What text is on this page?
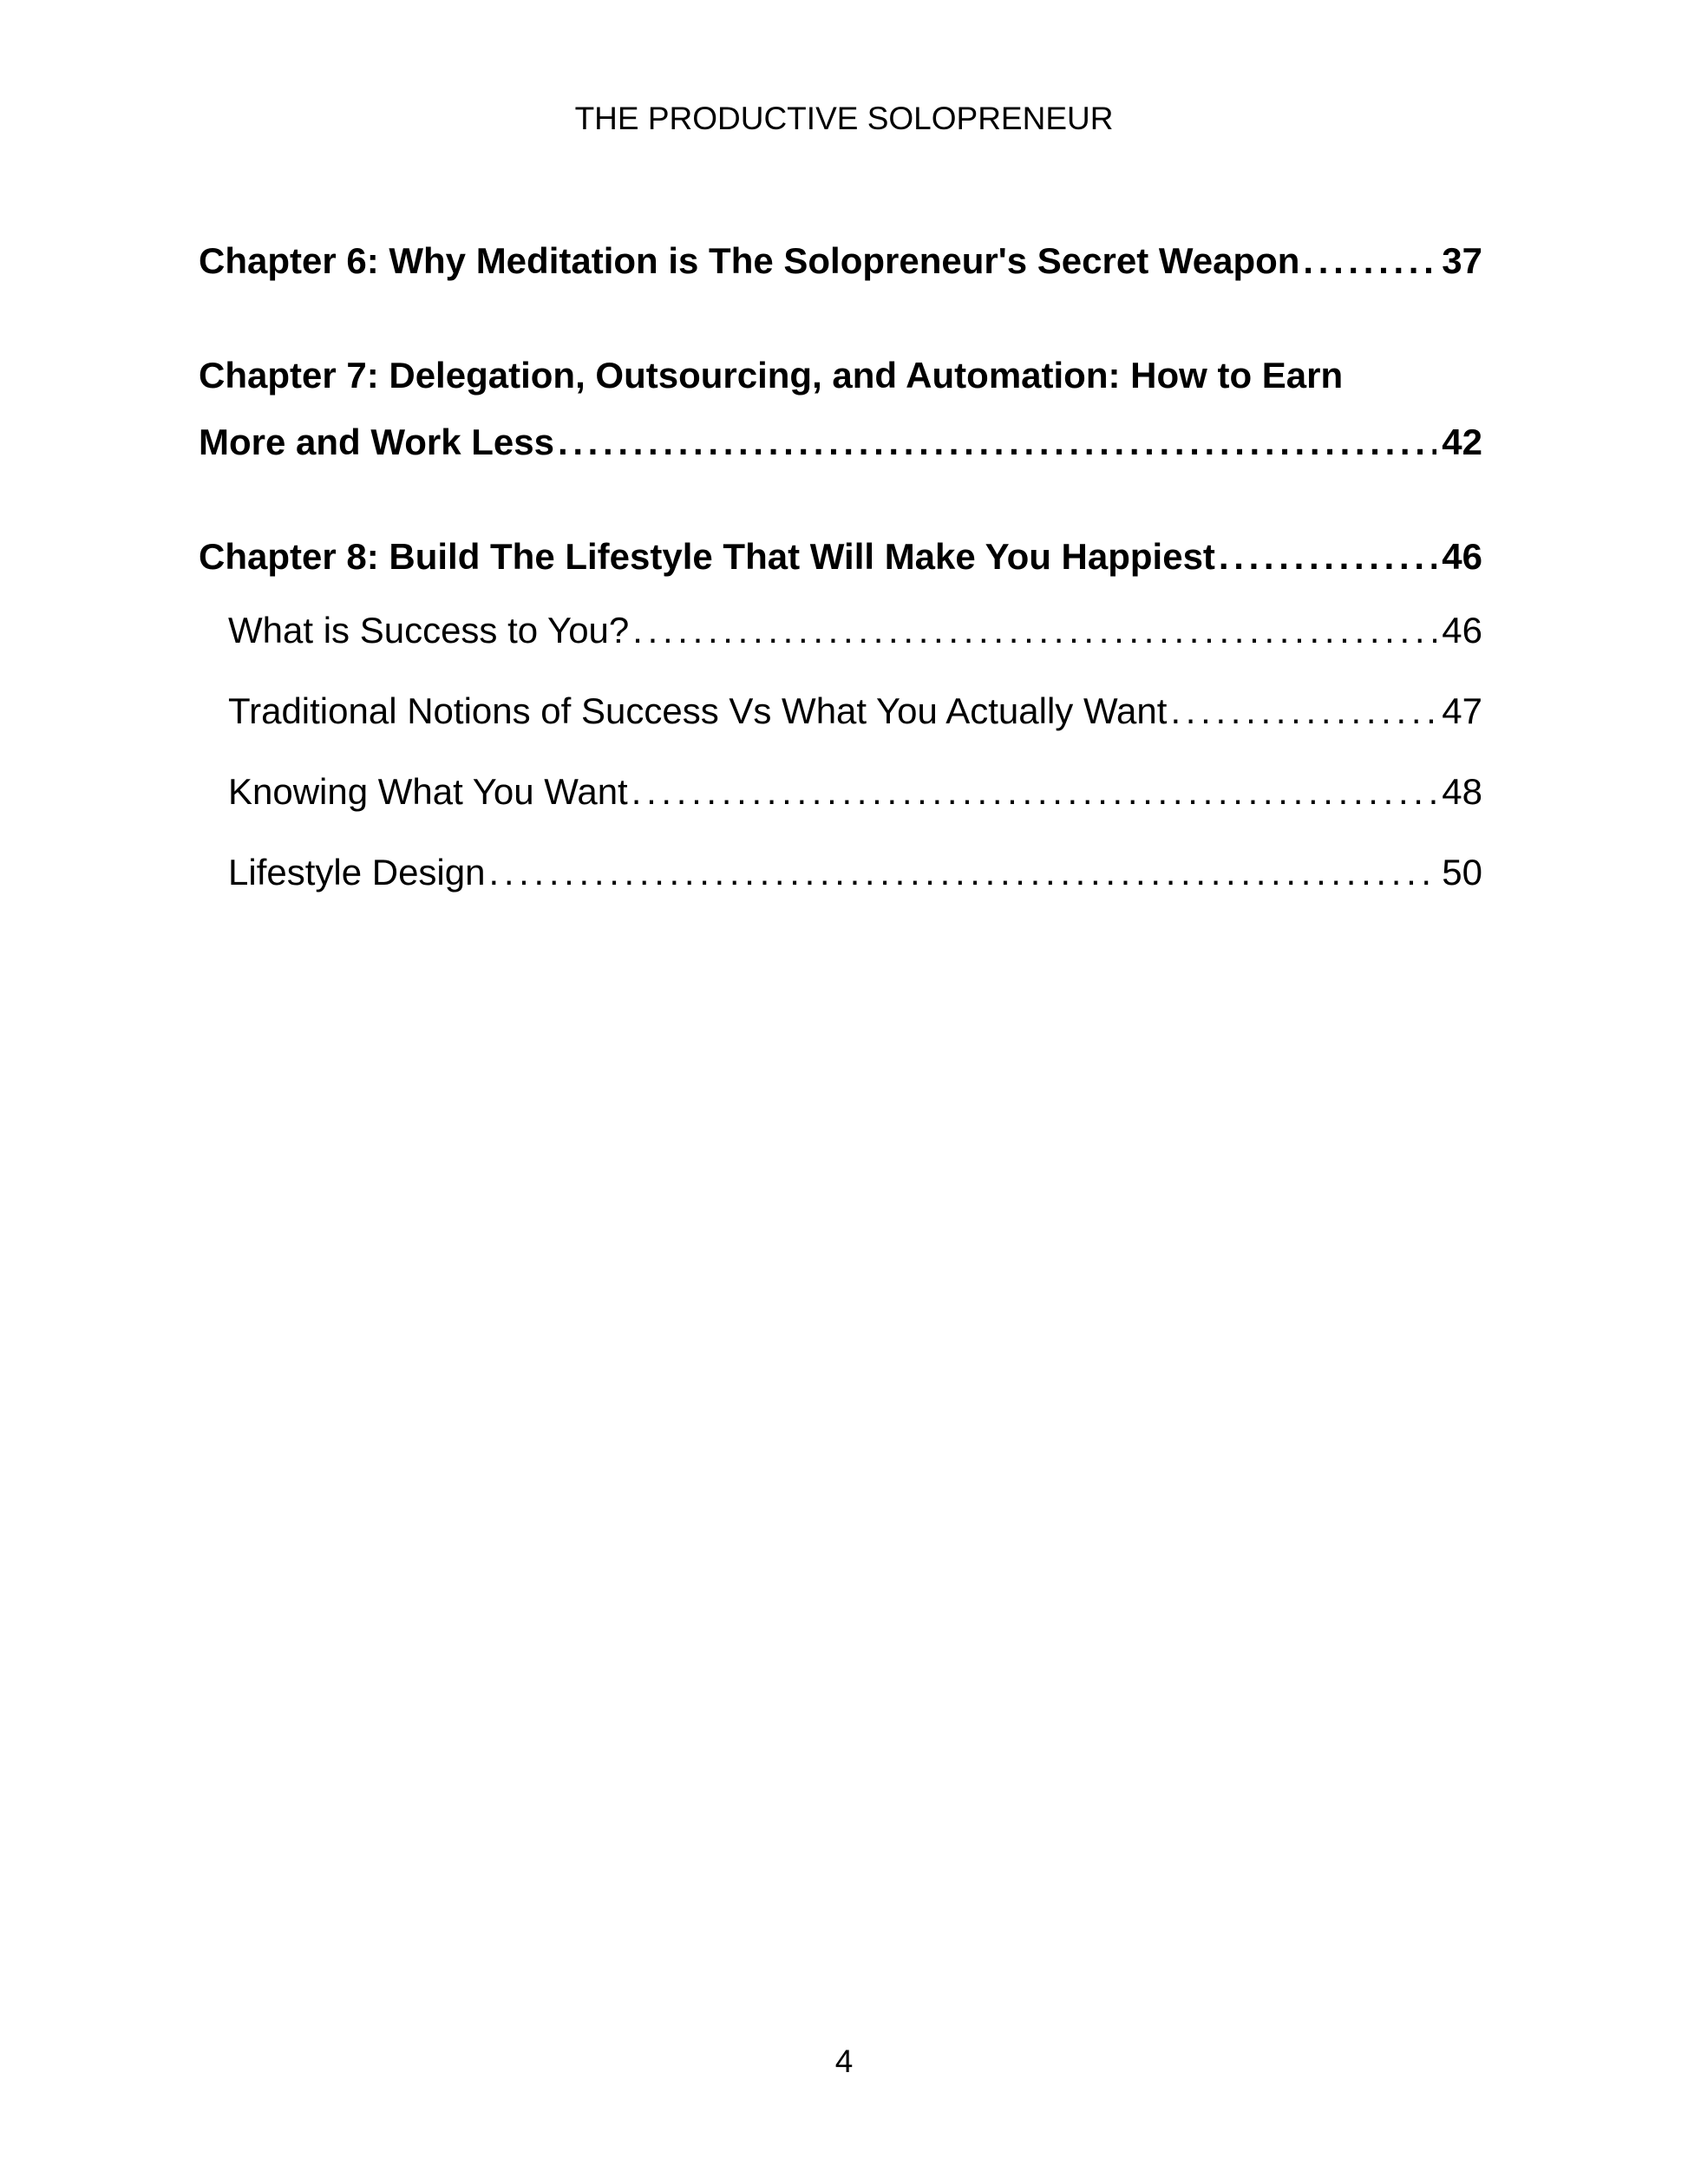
THE PRODUCTIVE SOLOPRENEUR
Chapter 6: Why Meditation is The Solopreneur's Secret Weapon . . .	37
Chapter 7: Delegation, Outsourcing, and Automation: How to Earn
More and Work Less . . .	42
Chapter 8: Build The Lifestyle That Will Make You Happiest . . .	46
What is Success to You? . . .	46
Traditional Notions of Success Vs What You Actually Want . . .	47
Knowing What You Want . . .	48
Lifestyle Design . . .	50
4
